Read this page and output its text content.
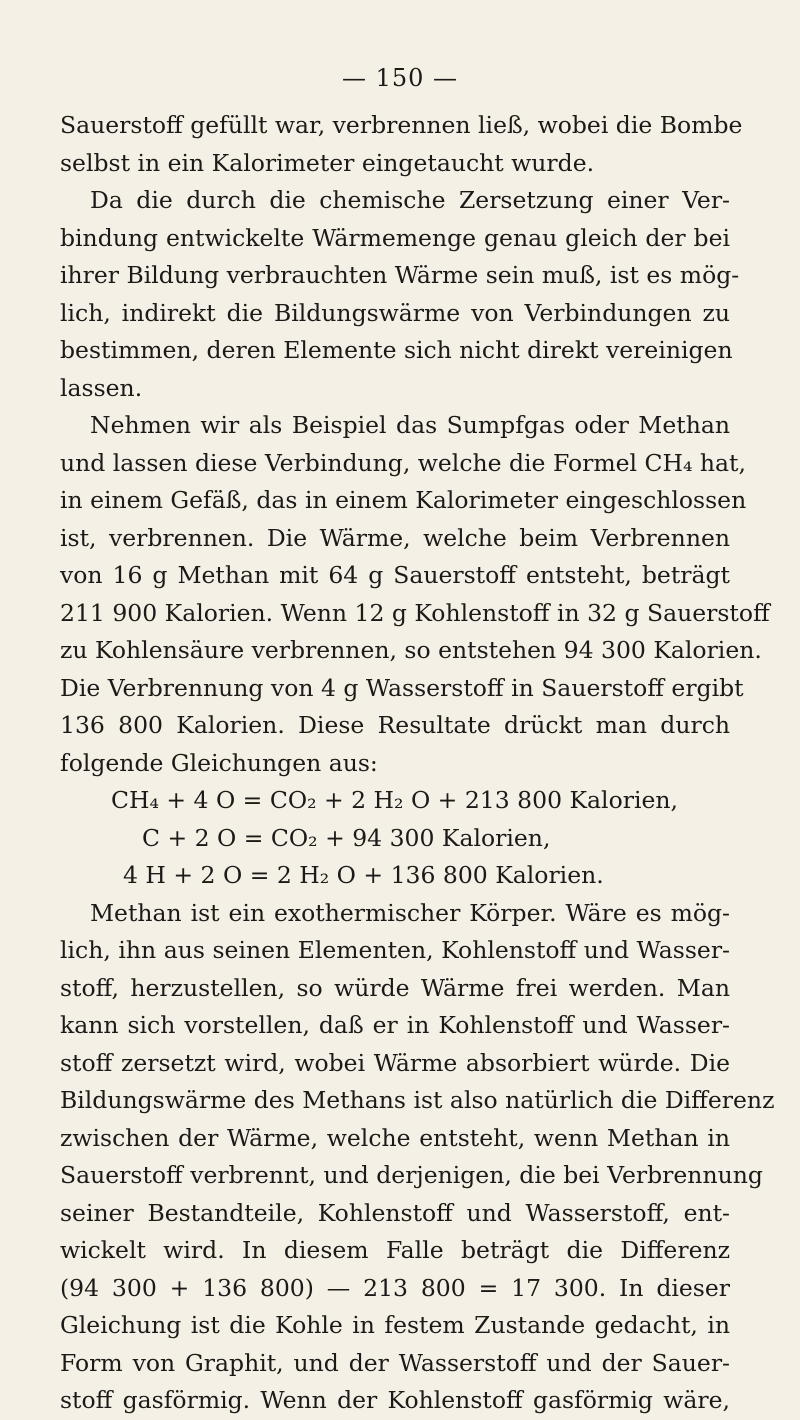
— 150 —
Sauerstoff gefüllt war, verbrennen ließ, wobei die Bombe
selbst in ein Kalorimeter eingetaucht wurde.
Da die durch die chemische Zersetzung einer Ver-
bindung entwickelte Wärmemenge genau gleich der bei
ihrer Bildung verbrauchten Wärme sein muß, ist es mög-
lich, indirekt die Bildungswärme von Verbindungen zu
bestimmen, deren Elemente sich nicht direkt vereinigen
lassen.
Nehmen wir als Beispiel das Sumpfgas oder Methan
und lassen diese Verbindung, welche die Formel CH₄ hat,
in einem Gefäß, das in einem Kalorimeter eingeschlossen
ist, verbrennen. Die Wärme, welche beim Verbrennen
von 16 g Methan mit 64 g Sauerstoff entsteht, beträgt
211 900 Kalorien. Wenn 12 g Kohlenstoff in 32 g Sauerstoff
zu Kohlensäure verbrennen, so entstehen 94 300 Kalorien.
Die Verbrennung von 4 g Wasserstoff in Sauerstoff ergibt
136 800 Kalorien. Diese Resultate drückt man durch
folgende Gleichungen aus:
CH₄ + 4 O = CO₂ + 2 H₂ O + 213 800 Kalorien,
C + 2 O = CO₂ + 94 300 Kalorien,
4 H + 2 O = 2 H₂ O + 136 800 Kalorien.
Methan ist ein exothermischer Körper. Wäre es mög-
lich, ihn aus seinen Elementen, Kohlenstoff und Wasser-
stoff, herzustellen, so würde Wärme frei werden. Man
kann sich vorstellen, daß er in Kohlenstoff und Wasser-
stoff zersetzt wird, wobei Wärme absorbiert würde. Die
Bildungswärme des Methans ist also natürlich die Differenz
zwischen der Wärme, welche entsteht, wenn Methan in
Sauerstoff verbrennt, und derjenigen, die bei Verbrennung
seiner Bestandteile, Kohlenstoff und Wasserstoff, ent-
wickelt wird. In diesem Falle beträgt die Differenz
(94 300 + 136 800) — 213 800 = 17 300. In dieser
Gleichung ist die Kohle in festem Zustande gedacht, in
Form von Graphit, und der Wasserstoff und der Sauer-
stoff gasförmig. Wenn der Kohlenstoff gasförmig wäre,
